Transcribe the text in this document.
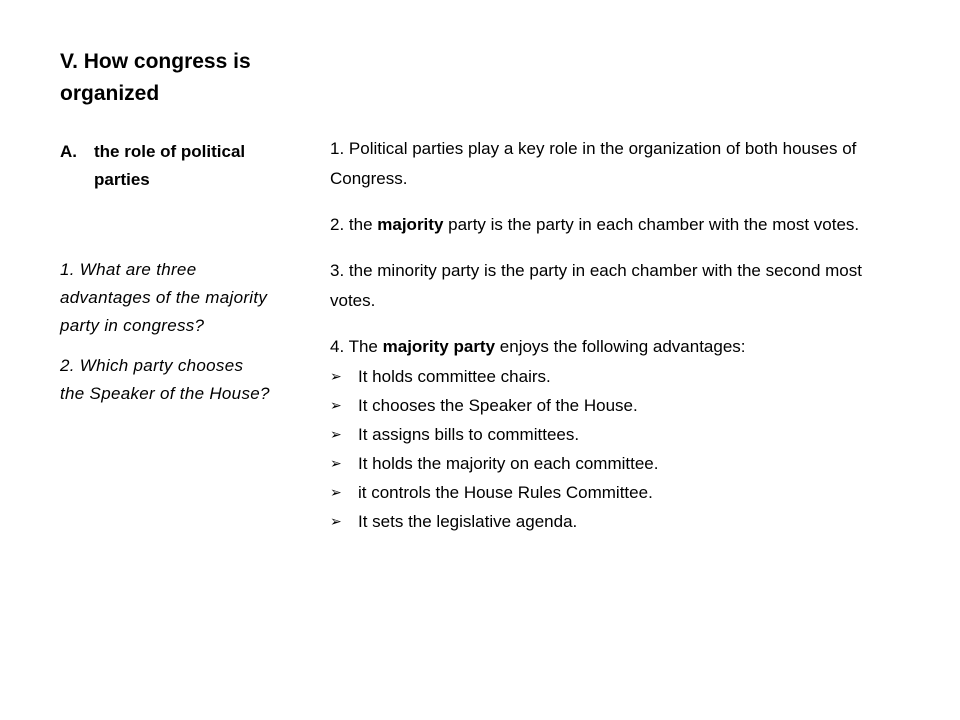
V. How congress is organized
A.	the role of political parties

1. What are three advantages of the majority party in congress?

2. Which party chooses the Speaker of the House?

1. Political parties play a key role in the organization of both houses of Congress.

2. the majority party is the party in each chamber with the most votes.

3. the minority party is the party in each chamber with the second most votes.

4. The majority party enjoys the following advantages:

➢ It holds committee chairs.
➢ It chooses the Speaker of the House.
➢ It assigns bills to committees.
➢ It holds the majority on each committee.
➢ it controls the House Rules Committee.
➢ It sets the legislative agenda.
